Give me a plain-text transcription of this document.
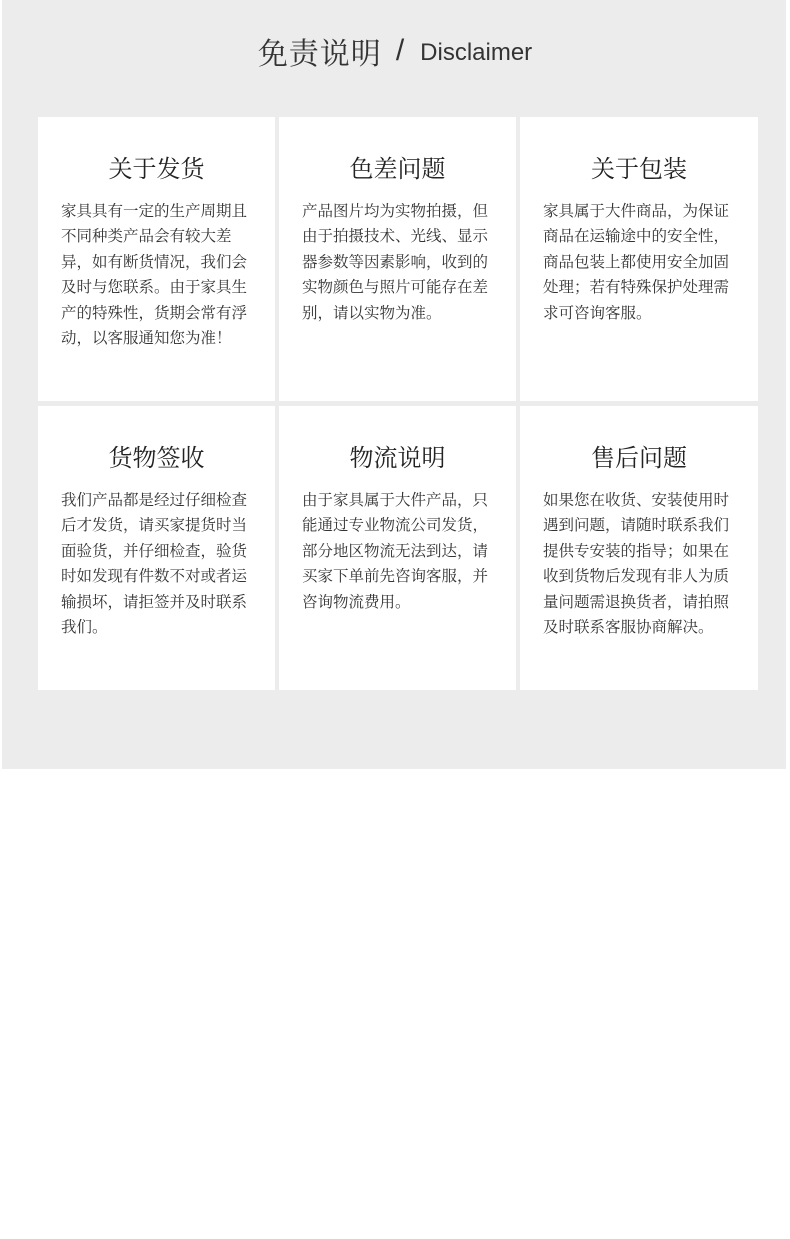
免责说明 / Disclaimer
关于发货
家具具有一定的生产周期且不同种类产品会有较大差异，如有断货情况，我们会及时与您联系。由于家具生产的特殊性，货期会常有浮动，以客服通知您为准！
色差问题
产品图片均为实物拍摄，但由于拍摄技术、光线、显示器参数等因素影响，收到的实物颜色与照片可能存在差别，请以实物为准。
关于包装
家具属于大件商品，为保证商品在运输途中的安全性，商品包装上都使用安全加固处理；若有特殊保护处理需求可咨询客服。
货物签收
我们产品都是经过仔细检查后才发货，请买家提货时当面验货，并仔细检查，验货时如发现有件数不对或者运输损坏，请拒签并及时联系我们。
物流说明
由于家具属于大件产品，只能通过专业物流公司发货，部分地区物流无法到达，请买家下单前先咨询客服，并咨询物流费用。
售后问题
如果您在收货、安装使用时遇到问题，请随时联系我们提供专安装的指导；如果在收到货物后发现有非人为质量问题需退换货者，请拍照及时联系客服协商解决。
